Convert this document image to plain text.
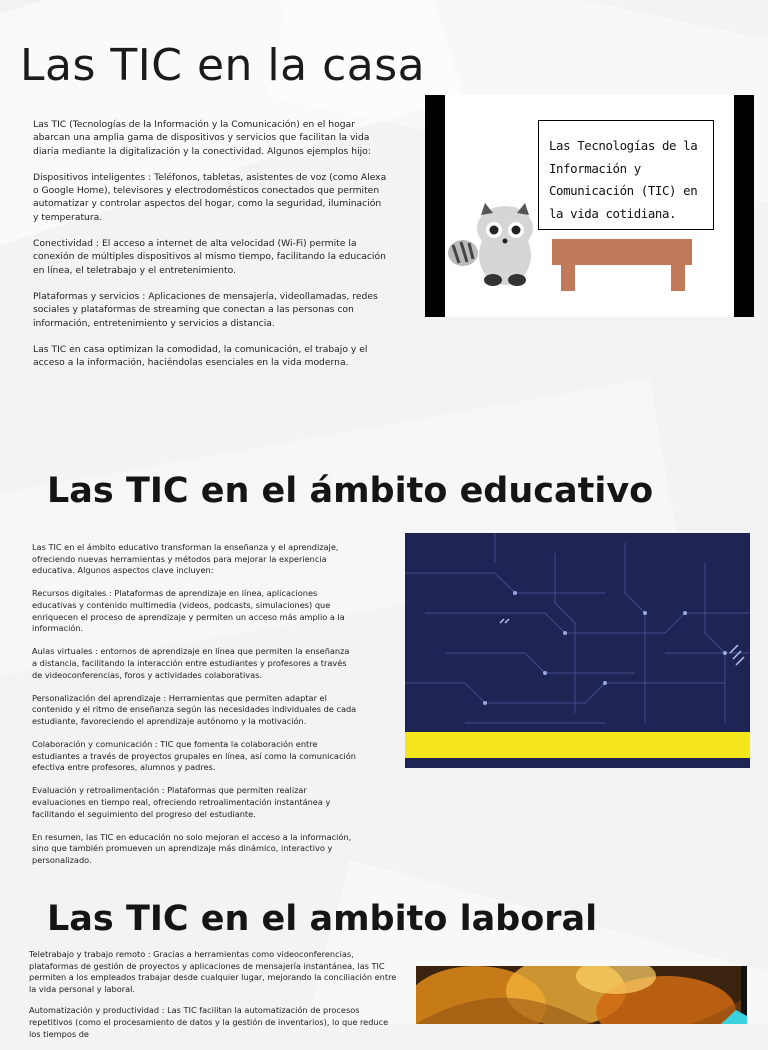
Las TIC en la casa

Las TIC (Tecnologías de la Información y la Comunicación) en el hogar abarcan una amplia gama de dispositivos y servicios que facilitan la vida diaria mediante la digitalización y la conectividad. Algunos ejemplos hijo:

Dispositivos inteligentes : Teléfonos, tabletas, asistentes de voz (como Alexa o Google Home), televisores y electrodomésticos conectados que permiten automatizar y controlar aspectos del hogar, como la seguridad, iluminación y temperatura.

Conectividad : El acceso a internet de alta velocidad (Wi-Fi) permite la conexión de múltiples dispositivos al mismo tiempo, facilitando la educación en línea, el teletrabajo y el entretenimiento.

Plataformas y servicios : Aplicaciones de mensajería, videollamadas, redes sociales y plataformas de streaming que conectan a las personas con información, entretenimiento y servicios a distancia.

Las TIC en casa optimizan la comodidad, la comunicación, el trabajo y el acceso a la información, haciéndolas esenciales en la vida moderna.

Las Tecnologías de la
Información y
Comunicación (TIC) en
la vida cotidiana.
Las TIC en el ámbito educativo

Las TIC en el ámbito educativo transforman la enseñanza y el aprendizaje, ofreciendo nuevas herramientas y métodos para mejorar la experiencia educativa. Algunos aspectos clave incluyen:

Recursos digitales : Plataformas de aprendizaje en línea, aplicaciones educativas y contenido multimedia (videos, podcasts, simulaciones) que enriquecen el proceso de aprendizaje y permiten un acceso más amplio a la información.

Aulas virtuales : entornos de aprendizaje en línea que permiten la enseñanza a distancia, facilitando la interacción entre estudiantes y profesores a través de videoconferencias, foros y actividades colaborativas.

Personalización del aprendizaje : Herramientas que permiten adaptar el contenido y el ritmo de enseñanza según las necesidades individuales de cada estudiante, favoreciendo el aprendizaje autónomo y la motivación.

Colaboración y comunicación : TIC que fomenta la colaboración entre estudiantes a través de proyectos grupales en línea, así como la comunicación efectiva entre profesores, alumnos y padres.

Evaluación y retroalimentación : Plataformas que permiten realizar evaluaciones en tiempo real, ofreciendo retroalimentación instantánea y facilitando el seguimiento del progreso del estudiante.

En resumen, las TIC en educación no solo mejoran el acceso a la información, sino que también promueven un aprendizaje más dinámico, interactivo y personalizado.

Las TIC en el ambito laboral

Teletrabajo y trabajo remoto : Gracias a herramientas como videoconferencias, plataformas de gestión de proyectos y aplicaciones de mensajería instantánea, las TIC permiten a los empleados trabajar desde cualquier lugar, mejorando la conciliación entre la vida personal y laboral.

Automatización y productividad : Las TIC facilitan la automatización de procesos repetitivos (como el procesamiento de datos y la gestión de inventarios), lo que reduce los tiempos de
